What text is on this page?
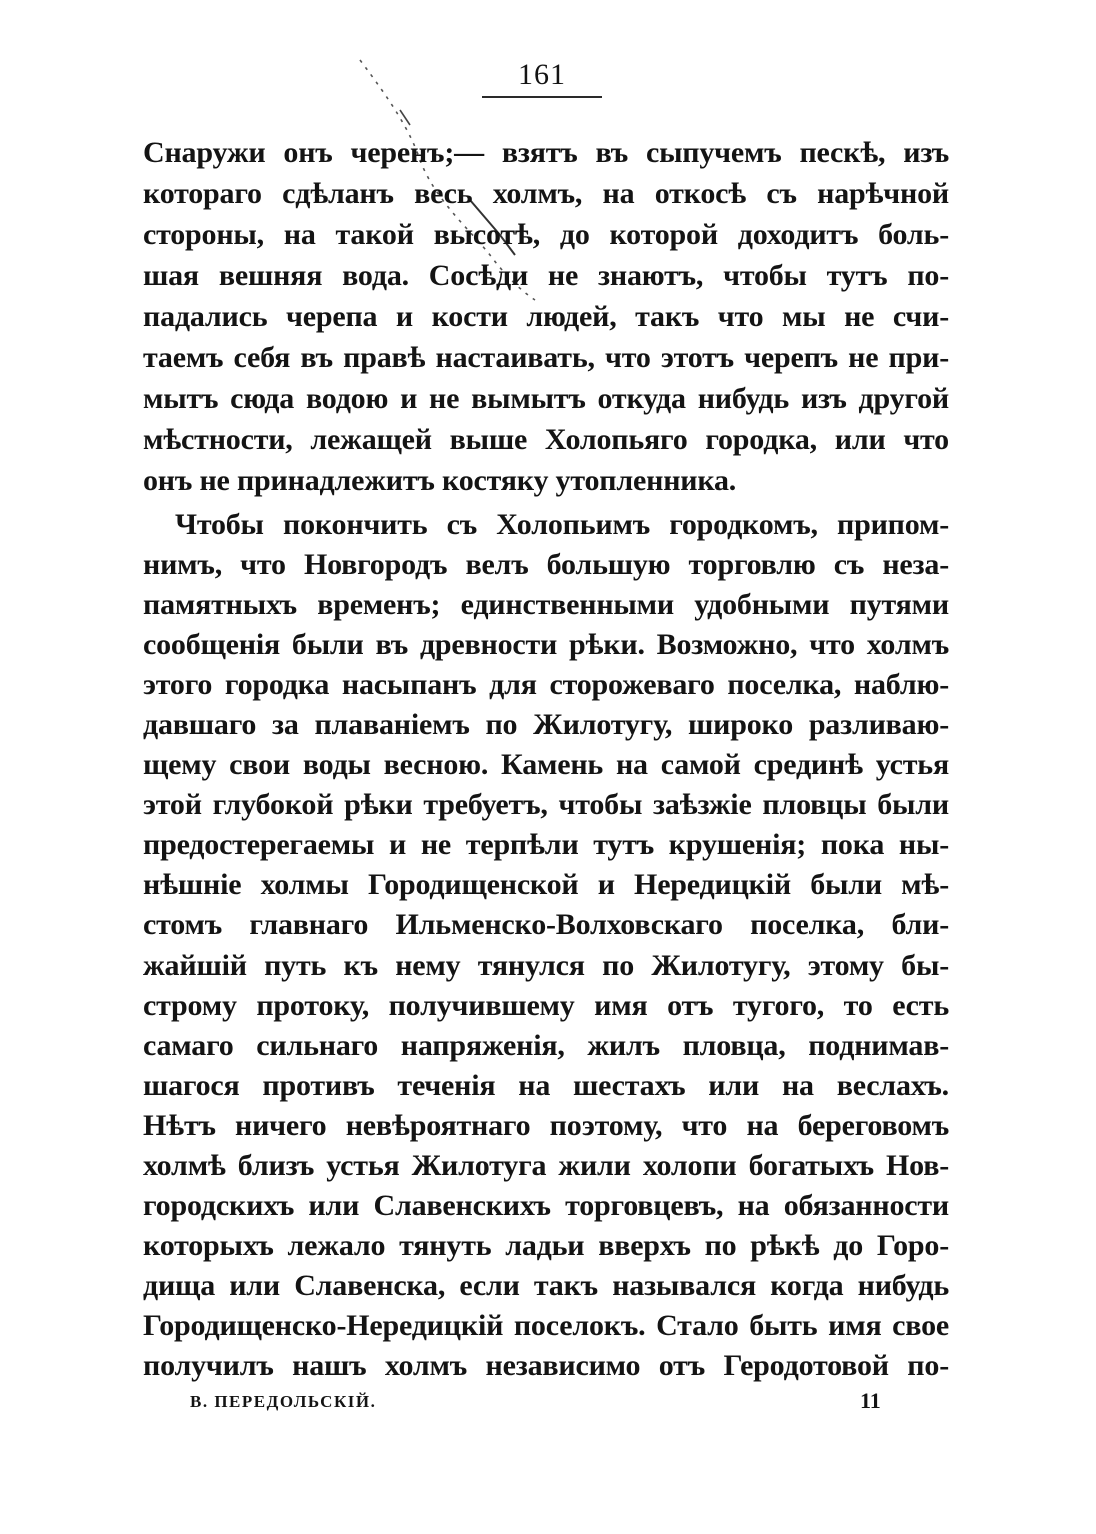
161
Снаружи онъ черенъ;— взятъ въ сыпучемъ пескѣ, изъ
котораго сдѣланъ весь холмъ, на откосѣ съ нарѣчной
стороны, на такой высотѣ, до которой доходитъ боль-
шая вешняя вода. Сосѣди не знаютъ, чтобы тутъ по-
падались черепа и кости людей, такъ что мы не счи-
таемъ себя въ правѣ настаивать, что этотъ черепъ не при-
мытъ сюда водою и не вымытъ откуда нибудь изъ другой
мѣстности, лежащей выше Холопьяго городка, или что
онъ не принадлежитъ костяку утопленника.
Чтобы покончить съ Холопьимъ городкомъ, припом-
нимъ, что Новгородъ велъ большую торговлю съ неза-
памятныхъ временъ; единственными удобными путями
сообщенія были въ древности рѣки. Возможно, что холмъ
этого городка насыпанъ для сторожеваго поселка, наблю-
давшаго за плаваніемъ по Жилотугу, широко разливаю-
щему свои воды весною. Камень на самой срединѣ устья
этой глубокой рѣки требуетъ, чтобы заѣзжіе пловцы были
предостерегаемы и не терпѣли тутъ крушенія; пока ны-
нѣшніе холмы Городищенской и Нередицкій были мѣ-
стомъ главнаго Ильменско-Волховскаго поселка, бли-
жайшій путь къ нему тянулся по Жилотугу, этому бы-
строму протоку, получившему имя отъ тугого, то есть
самаго сильнаго напряженія, жилъ пловца, поднимав-
шагося противъ теченія на шестахъ или на веслахъ.
Нѣтъ ничего невѣроятнаго поэтому, что на береговомъ
холмѣ близъ устья Жилотуга жили холопи богатыхъ Нов-
городскихъ или Славенскихъ торговцевъ, на обязанности
которыхъ лежало тянуть ладьи вверхъ по рѣкѣ до Горо-
дища или Славенска, если такъ назывался когда нибудь
Городищенско-Нередицкій поселокъ. Стало быть имя свое
получилъ нашъ холмъ независимо отъ Геродотовой по-
В. ПЕРЕДОЛЬСКІЙ.	11
